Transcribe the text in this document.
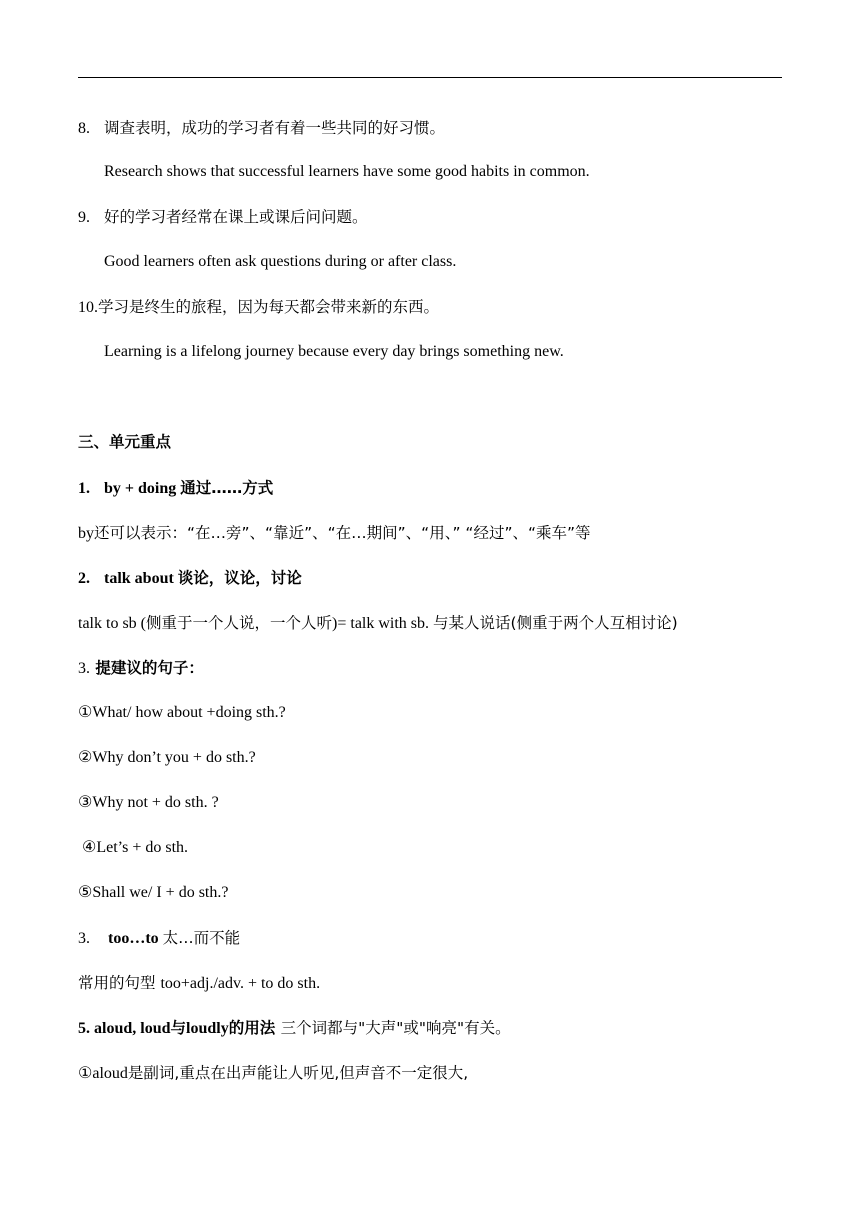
8. 调查表明，成功的学习者有着一些共同的好习惯。
Research shows that successful learners have some good habits in common.
9. 好的学习者经常在课上或课后问问题。
Good learners often ask questions during or after class.
10.学习是终生的旅程，因为每天都会带来新的东西。
Learning is a lifelong journey because every day brings something new.
三、单元重点
1. by + doing 通过……方式
by还可以表示：“在…旁”、“靠近”、“在…期间”、“用、” “经过”、“乘车”等
2. talk about 谈论，议论，讨论
talk to sb (侧重于一个人说，一个人听)= talk with sb. 与某人说话(侧重于两个人互相讨论)
3. 提建议的句子：
①What/ how about +doing sth.?
②Why don’t you + do sth.?
③Why not + do sth. ?
④Let’s + do sth.
⑤Shall we/ I + do sth.?
3. too…to 太…而不能
常用的句型 too+adj./adv. + to do sth.
5. aloud, loud与loudly的用法 三个词都与"大声"或"响亮"有关。
①aloud是副词,重点在出声能让人听见,但声音不一定很大,
